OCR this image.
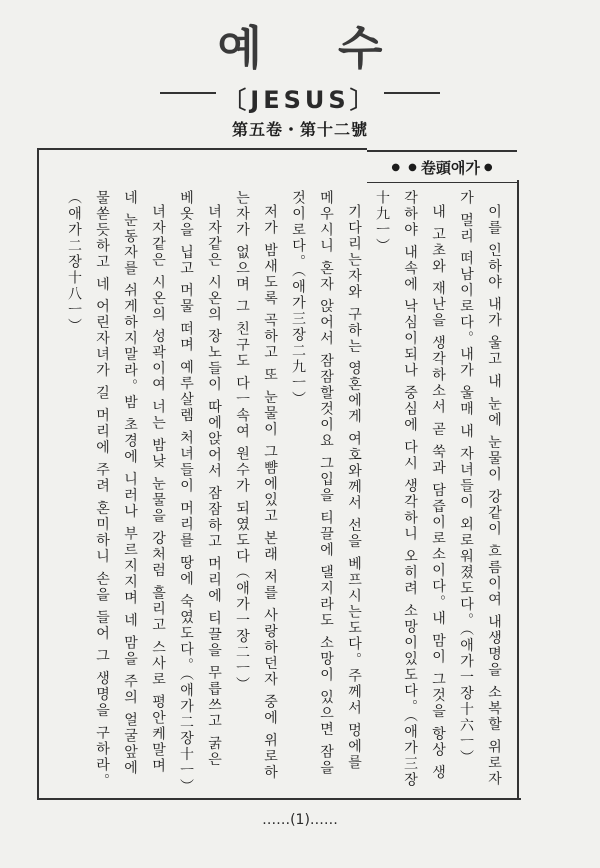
예 수
〔JESUS〕
第五卷・第十二號
● ● 卷頭애가 ●

이를 인하야 내가 울고 내 눈에 눈물이 강같이 흐름이여 내생명을 소복할 위로자가 멀리 떠남이로다。내가 울매 내 자녀들이 외로워졌도다。（애가一장十六ㅡ）

내 고초와 재난을 생각하소서 곧 쑥과 담즙이로소이다。내 맘이 그것을 항상 생각하야 내속에 낙심이되나 중심에 다시 생각하니 오히려 소망이있도다。（애가三장十九ㅡ）

기다리는자와 구하는 영혼에게 여호와께서 선을 베프시는도다。주께서 멍에를 메우시니 혼자 앉어서 잠잠할것이요 그입을 티끌에 댈지라도 소망이 있으면 잠을것이로다。（애가三장二九ㅡ）

저가 밤새도록 곡하고 또 눈물이 그뺨에있고 본래 저를 사랑하던자 중에 위로하는자가 없으며 그 친구도 다ㅡ속여 원수가 되였도다（애가一장二ㅡ）

녀자같은 시온의 장노들이 따에앉어서 잠잠하고 머리에 티끌을 무릅쓰고 굵은 베옷을 닙고 머물 떠며 예루살렘 처녀들이 머리를 땅에 숙였도다。（애가二장十ㅡ）

녀자같은 시온의 성곽이여 너는 밤낮 눈물을 강처럼 흘리고 스사로 평안케말며 네 눈동자를 쉬게하지말라。밤 초경에 니러나 부르지지며 네 맘을 주의 얼굴앞에 물쏟듯하고 네 어린자녀가 길 머리에 주려 혼미하니 손을 들어 그 생명을 구하라。（애가二장十八ㅡ）

……(1)……
